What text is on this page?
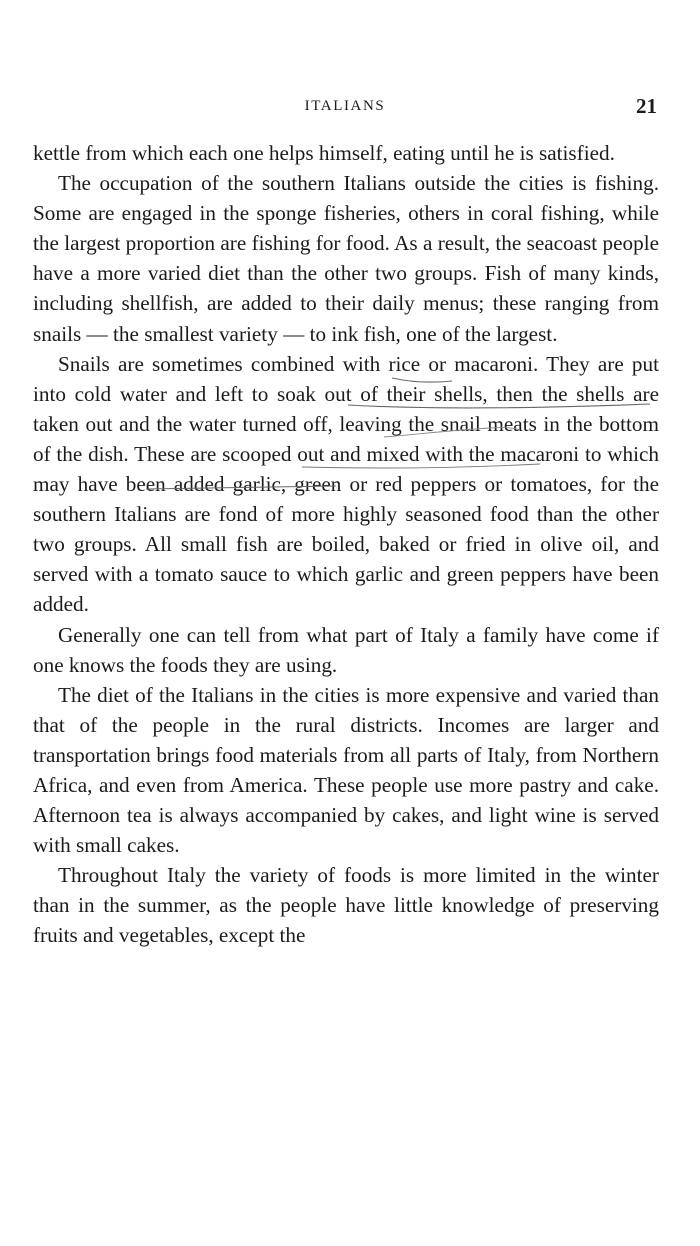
ITALIANS	21

kettle from which each one helps himself, eating until he is satisfied.

The occupation of the southern Italians outside the cities is fishing. Some are engaged in the sponge fisheries, others in coral fishing, while the largest proportion are fishing for food. As a result, the seacoast people have a more varied diet than the other two groups. Fish of many kinds, including shellfish, are added to their daily menus; these ranging from snails — the smallest variety — to ink fish, one of the largest.

Snails are sometimes combined with rice or macaroni. They are put into cold water and left to soak out of their shells, then the shells are taken out and the water turned off, leaving the snail meats in the bottom of the dish. These are scooped out and mixed with the macaroni to which may have been added garlic, green or red peppers or tomatoes, for the southern Italians are fond of more highly seasoned food than the other two groups. All small fish are boiled, baked or fried in olive oil, and served with a tomato sauce to which garlic and green peppers have been added.

Generally one can tell from what part of Italy a family have come if one knows the foods they are using.

The diet of the Italians in the cities is more expensive and varied than that of the people in the rural districts. Incomes are larger and transportation brings food materials from all parts of Italy, from Northern Africa, and even from America. These people use more pastry and cake. Afternoon tea is always accompanied by cakes, and light wine is served with small cakes.

Throughout Italy the variety of foods is more limited in the winter than in the summer, as the people have little knowledge of preserving fruits and vegetables, except the
